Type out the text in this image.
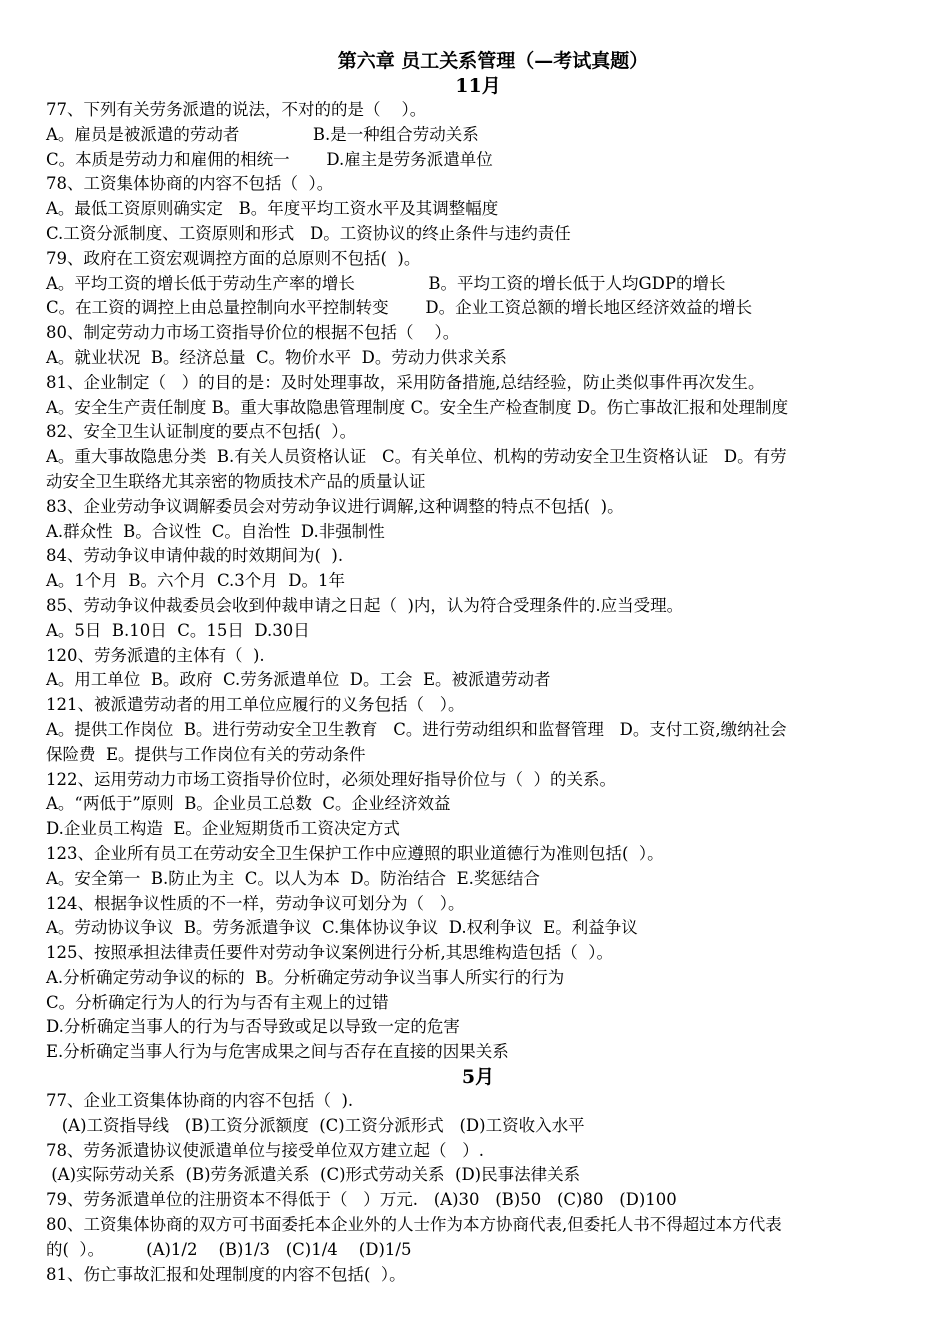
第六章 员工关系管理（—考试真题）
11月
77、下列有关劳务派遣的说法，不对的的是（    ）。
A。雇员是被派遣的劳动者              B.是一种组合劳动关系
C。本质是劳动力和雇佣的相统一       D.雇主是劳务派遣单位
78、工资集体协商的内容不包括（  ）。
A。最低工资原则确实定   B。年度平均工资水平及其调整幅度
C.工资分派制度、工资原则和形式   D。工资协议的终止条件与违约责任
79、政府在工资宏观调控方面的总原则不包括(  )。
A。平均工资的增长低于劳动生产率的增长              B。平均工资的增长低于人均GDP的增长
C。在工资的调控上由总量控制向水平控制转变       D。企业工资总额的增长地区经济效益的增长
80、制定劳动力市场工资指导价位的根据不包括（    ）。
A。就业状况  B。经济总量  C。物价水平  D。劳动力供求关系
81、企业制定（   ）的目的是：及时处理事故，采用防备措施,总结经验，防止类似事件再次发生。
A。安全生产责任制度 B。重大事故隐患管理制度 C。安全生产检查制度 D。伤亡事故汇报和处理制度
82、安全卫生认证制度的要点不包括(  ）。
A。重大事故隐患分类  B.有关人员资格认证   C。有关单位、机构的劳动安全卫生资格认证   D。有劳
动安全卫生联络尤其亲密的物质技术产品的质量认证
83、企业劳动争议调解委员会对劳动争议进行调解,这种调整的特点不包括(  )。
A.群众性  B。合议性  C。自治性  D.非强制性
84、劳动争议申请仲裁的时效期间为(  ).
A。1个月  B。六个月  C.3个月  D。1年
85、劳动争议仲裁委员会收到仲裁申请之日起（  )内，认为符合受理条件的.应当受理。
A。5日  B.10日  C。15日  D.30日
120、劳务派遣的主体有（  ).
A。用工单位  B。政府  C.劳务派遣单位  D。工会  E。被派遣劳动者
121、被派遣劳动者的用工单位应履行的义务包括（   ）。
A。提供工作岗位  B。进行劳动安全卫生教育   C。进行劳动组织和监督管理   D。支付工资,缴纳社会
保险费  E。提供与工作岗位有关的劳动条件
122、运用劳动力市场工资指导价位时，必须处理好指导价位与（  ）的关系。
A。“两低于”原则  B。企业员工总数  C。企业经济效益
D.企业员工构造  E。企业短期货币工资决定方式
123、企业所有员工在劳动安全卫生保护工作中应遵照的职业道德行为准则包括(  ）。
A。安全第一  B.防止为主  C。以人为本  D。防治结合  E.奖惩结合
124、根据争议性质的不一样，劳动争议可划分为（   ）。
A。劳动协议争议  B。劳务派遣争议  C.集体协议争议  D.权利争议  E。利益争议
125、按照承担法律责任要件对劳动争议案例进行分析,其思维构造包括（  ）。
A.分析确定劳动争议的标的  B。分析确定劳动争议当事人所实行的行为
C。分析确定行为人的行为与否有主观上的过错
D.分析确定当事人的行为与否导致或足以导致一定的危害
E.分析确定当事人行为与危害成果之间与否存在直接的因果关系
5月
77、企业工资集体协商的内容不包括（  ).
(A)工资指导线   (B)工资分派额度  (C)工资分派形式   (D)工资收入水平
78、劳务派遣协议使派遣单位与接受单位双方建立起（   ）.
(A)实际劳动关系  (B)劳务派遣关系  (C)形式劳动关系  (D)民事法律关系
79、劳务派遣单位的注册资本不得低于（   ）万元.   (A)30   (B)50   (C)80   (D)100
80、工资集体协商的双方可书面委托本企业外的人士作为本方协商代表,但委托人书不得超过本方代表
的(  ）。        (A)1/2    (B)1/3   (C)1/4    (D)1/5
81、伤亡事故汇报和处理制度的内容不包括(  ）。
